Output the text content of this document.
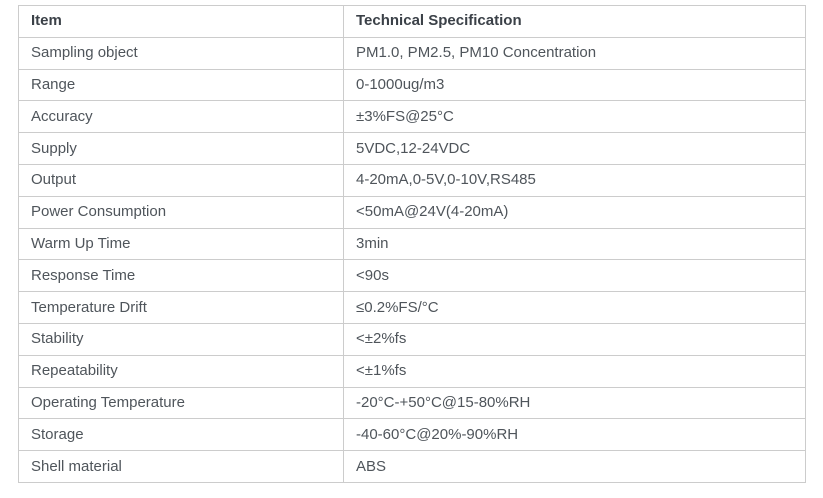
Item	Technical Specification
Sampling object	PM1.0, PM2.5, PM10 Concentration
Range	0-1000ug/m3
Accuracy	±3%FS@25°C
Supply	5VDC,12-24VDC
Output	4-20mA,0-5V,0-10V,RS485
Power Consumption	<50mA@24V(4-20mA)
Warm Up Time	3min
Response Time	<90s
Temperature Drift	≤0.2%FS/°C
Stability	<±2%fs
Repeatability	<±1%fs
Operating Temperature	-20°C-+50°C@15-80%RH
Storage	-40-60°C@20%-90%RH
Shell material	ABS
